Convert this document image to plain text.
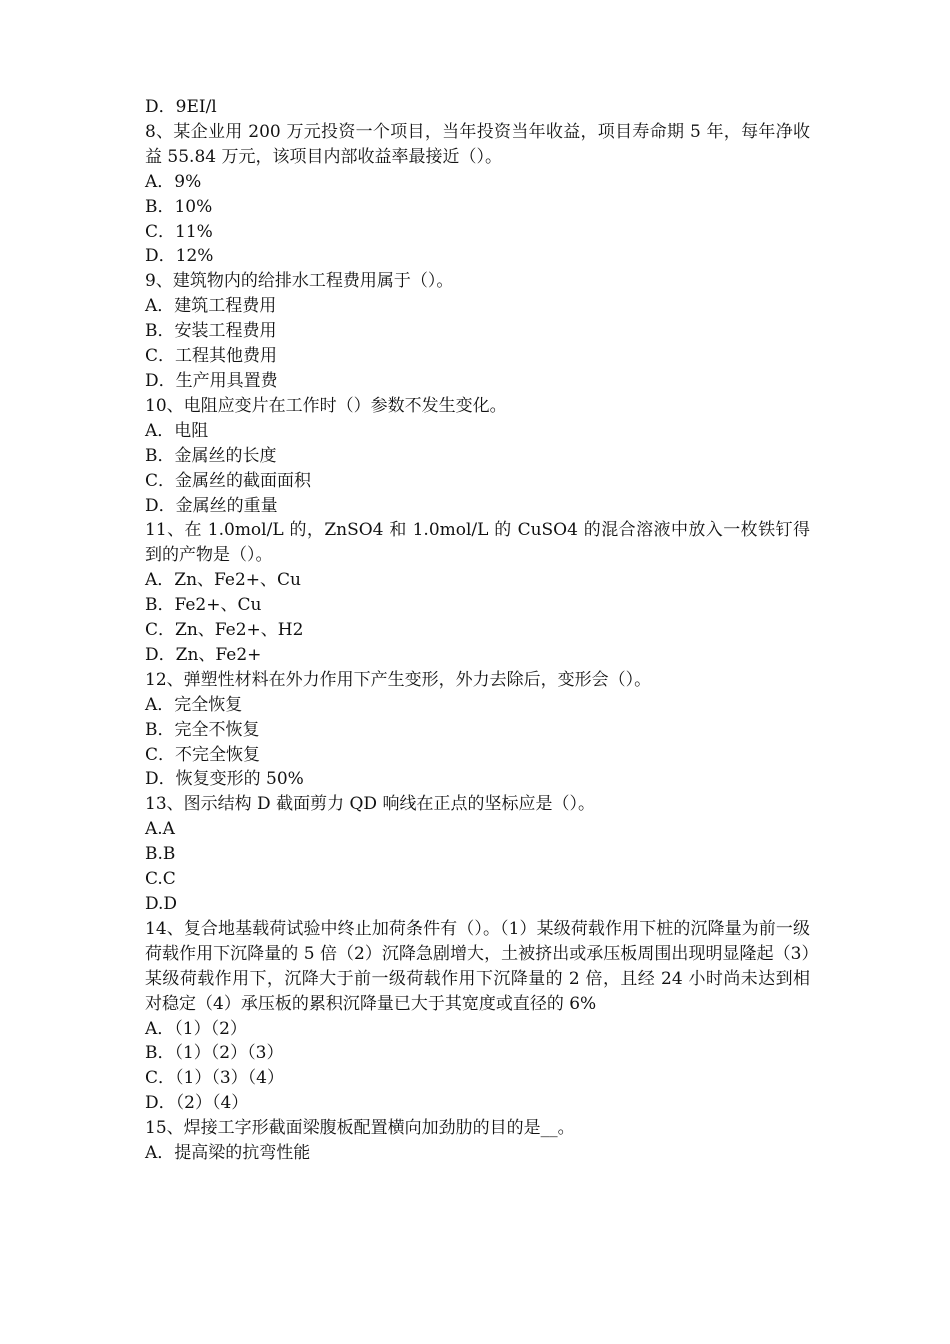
D．9EI/l
8、某企业用 200 万元投资一个项目，当年投资当年收益，项目寿命期 5 年，每年净收益 55.84 万元，该项目内部收益率最接近（）。
A．9%
B．10%
C．11%
D．12%
9、建筑物内的给排水工程费用属于（）。
A．建筑工程费用
B．安装工程费用
C．工程其他费用
D．生产用具置费
10、电阻应变片在工作时（）参数不发生变化。
A．电阻
B．金属丝的长度
C．金属丝的截面面积
D．金属丝的重量
11、在 1.0mol/L 的，ZnSO4 和 1.0mol/L 的 CuSO4 的混合溶液中放入一枚铁钉得到的产物是（）。
A．Zn、Fe2+、Cu
B．Fe2+、Cu
C．Zn、Fe2+、H2
D．Zn、Fe2+
12、弹塑性材料在外力作用下产生变形，外力去除后，变形会（）。
A．完全恢复
B．完全不恢复
C．不完全恢复
D．恢复变形的 50%
13、图示结构 D 截面剪力 QD 响线在正点的坚标应是（）。
A.A
B.B
C.C
D.D
14、复合地基载荷试验中终止加荷条件有（）。（1）某级荷载作用下桩的沉降量为前一级荷载作用下沉降量的 5 倍（2）沉降急剧增大，土被挤出或承压板周围出现明显隆起（3）某级荷载作用下，沉降大于前一级荷载作用下沉降量的 2 倍，且经 24 小时尚未达到相对稳定（4）承压板的累积沉降量已大于其宽度或直径的 6%
A．（1）（2）
B．（1）（2）（3）
C．（1）（3）（4）
D．（2）（4）
15、焊接工字形截面梁腹板配置横向加劲肋的目的是__。
A．提高梁的抗弯性能
